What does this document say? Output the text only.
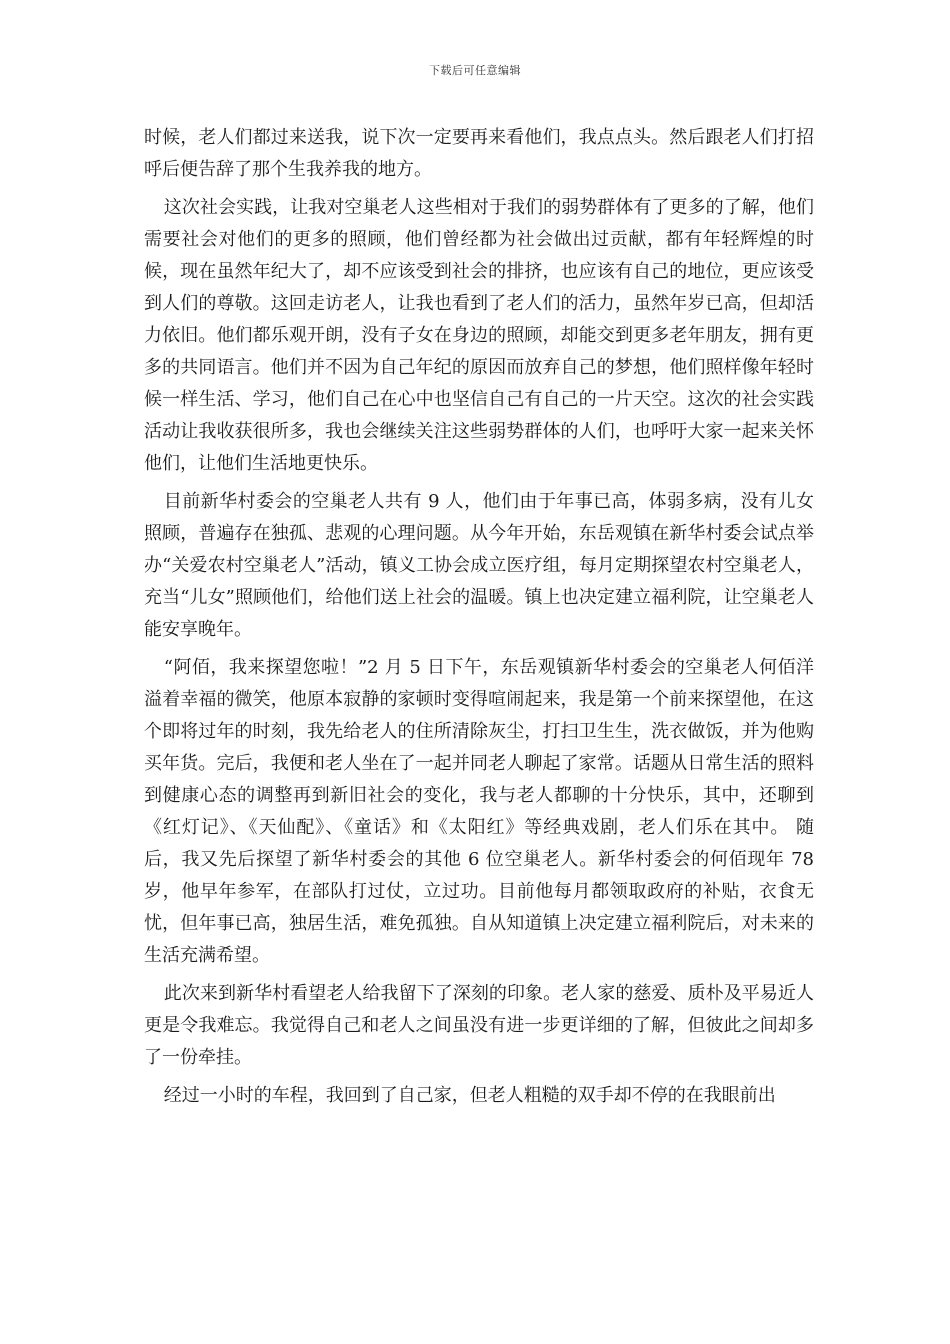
下载后可任意编辑

时候，老人们都过来送我，说下次一定要再来看他们，我点点头。然后跟老人们打招呼后便告辞了那个生我养我的地方。

这次社会实践，让我对空巢老人这些相对于我们的弱势群体有了更多的了解，他们需要社会对他们的更多的照顾，他们曾经都为社会做出过贡献，都有年轻辉煌的时候，现在虽然年纪大了，却不应该受到社会的排挤，也应该有自己的地位，更应该受到人们的尊敬。这回走访老人，让我也看到了老人们的活力，虽然年岁已高，但却活力依旧。他们都乐观开朗，没有子女在身边的照顾，却能交到更多老年朋友，拥有更多的共同语言。他们并不因为自己年纪的原因而放弃自己的梦想，他们照样像年轻时候一样生活、学习，他们自己在心中也坚信自己有自己的一片天空。这次的社会实践活动让我收获很所多，我也会继续关注这些弱势群体的人们，也呼吁大家一起来关怀他们，让他们生活地更快乐。

目前新华村委会的空巢老人共有 9 人，他们由于年事已高，体弱多病，没有儿女照顾，普遍存在独孤、悲观的心理问题。从今年开始，东岳观镇在新华村委会试点举办“关爱农村空巢老人”活动，镇义工协会成立医疗组，每月定期探望农村空巢老人，充当“儿女”照顾他们，给他们送上社会的温暖。镇上也决定建立福利院，让空巢老人能安享晚年。

“阿佰，我来探望您啦！”2 月 5 日下午，东岳观镇新华村委会的空巢老人何佰洋溢着幸福的微笑，他原本寂静的家顿时变得喧闹起来，我是第一个前来探望他，在这个即将过年的时刻，我先给老人的住所清除灰尘，打扫卫生生，洗衣做饭，并为他购买年货。完后，我便和老人坐在了一起并同老人聊起了家常。话题从日常生活的照料到健康心态的调整再到新旧社会的变化，我与老人都聊的十分快乐，其中，还聊到《红灯记》、《天仙配》、《童话》和《太阳红》等经典戏剧，老人们乐在其中。 随后，我又先后探望了新华村委会的其他 6 位空巢老人。新华村委会的何佰现年 78 岁，他早年参军，在部队打过仗，立过功。目前他每月都领取政府的补贴，衣食无忧，但年事已高，独居生活，难免孤独。自从知道镇上决定建立福利院后，对未来的生活充满希望。

此次来到新华村看望老人给我留下了深刻的印象。老人家的慈爱、质朴及平易近人更是令我难忘。我觉得自己和老人之间虽没有进一步更详细的了解，但彼此之间却多了一份牵挂。

经过一小时的车程，我回到了自己家，但老人粗糙的双手却不停的在我眼前出
